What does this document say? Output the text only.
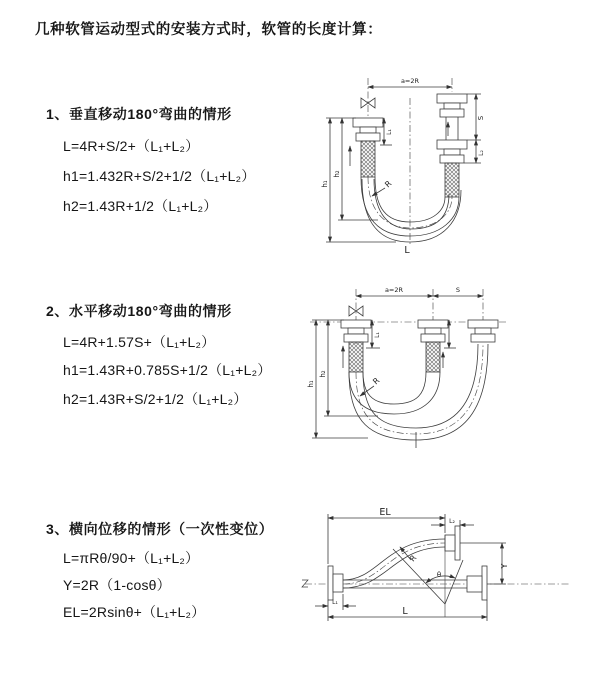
几种软管运动型式的安装方式时，软管的长度计算：
1、垂直移动180°弯曲的情形
L=4R+S/2+（L₁+L₂）
h1=1.432R+S/2+1/2（L₁+L₂）
h2=1.43R+1/2（L₁+L₂）
a=2R
h₁
h₂
L₁
S
L₂
R
L
2、水平移动180°弯曲的情形
L=4R+1.57S+（L₁+L₂）
h1=1.43R+0.785S+1/2（L₁+L₂）
h2=1.43R+S/2+1/2（L₁+L₂）
a=2R	S
h₁
h₂
L₁
R
3、横向位移的情形（一次性变位）
L=πRθ/90+（L₁+L₂）
Y=2R（1-cosθ）
EL=2Rsinθ+（L₁+L₂）
EL
L₂
Y
L
L₁
R
θ
